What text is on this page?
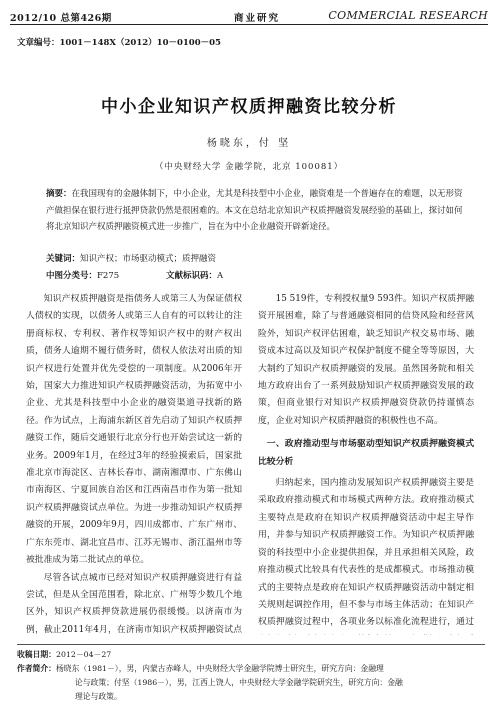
2012/10 总第426期	商业研究	COMMERCIAL RESEARCH
文章编号：1001－148X（2012）10－0100－05
中小企业知识产权质押融资比较分析
杨晓东，付 坚
（中央财经大学 金融学院，北京 100081）
摘要：在我国现有的金融体制下，中小企业，尤其是科技型中小企业，融资难是一个普遍存在的难题，以无形资产做担保在银行进行抵押贷款仍然是很困难的。本文在总结北京知识产权质押融资发展经验的基础上，探讨如何将北京知识产权质押融资模式进一步推广，旨在为中小企业融资开辟新途径。
关键词：知识产权；市场驱动模式；质押融资
中图分类号：F275	文献标识码：A

知识产权质押融资是指债务人或第三人为保证债权人债权的实现，以债务人或第三人自有的可以转让的注册商标权、专利权、著作权等知识产权中的财产权出质，债务人逾期不履行债务时，债权人依法对出质的知识产权进行处置并优先受偿的一项制度。从2006年开始，国家大力推进知识产权质押融资活动，为拓宽中小企业、尤其是科技型中小企业的融资渠道寻找新的路径。作为试点，上海浦东新区首先启动了知识产权质押融资工作，随后交通银行北京分行也开始尝试这一新的业务。2009年1月，在经过3年的经验摸索后，国家批准北京市海淀区、吉林长春市、湖南湘潭市、广东佛山市南海区、宁夏回族自治区和江西南昌市作为第一批知识产权质押融资试点单位。为进一步推动知识产权质押融资的开展，2009年9月，四川成都市、广东广州市、广东东莞市、湖北宜昌市、江苏无锡市、浙江温州市等被批准成为第二批试点的单位。

尽管各试点城市已经对知识产权质押融资进行有益尝试，但是从全国范围看，除北京、广州等少数几个地区外，知识产权质押贷款进展仍很缓慢。以济南市为例，截止2011年4月，在济南市知识产权质押融资试点

15 519件，专利授权量9 593件。知识产权质押融资开展困难，除了与普通融资相同的信贷风险和经营风险外，知识产权评估困难，缺乏知识产权交易市场、融资成本过高以及知识产权保护制度不健全等等原因，大大制约了知识产权质押融资的发展。虽然国务院和相关地方政府出台了一系列鼓励知识产权质押融资发展的政策，但商业银行对知识产权质押融资贷款仍持谨慎态度，企业对知识产权质押融资的积极性也不高。

一、政府推动型与市场驱动型知识产权质押融资模式比较分析

归纳起来，国内推动发展知识产权质押融资主要是采取政府推动模式和市场模式两种方法。政府推动模式主要特点是政府在知识产权质押融资活动中起主导作用，并参与知识产权质押融资工作。为知识产权质押融资的科技型中小企业提供担保，并且承担相关风险，政府推动模式比较具有代表性的是成都模式。市场推动模式的主要特点是政府在知识产权质押融资活动中制定相关规则起调控作用，但不参与市场主体活动；在知识产权质押融资过程中，各项业务以标准化流程进行，通过

收稿日期：2012－04－27
作者简介：杨晓东（1981－），男，内蒙古赤峰人，中央财经大学金融学院博士研究生，研究方向：金融理
论与政策；付坚（1986－），男，江西上饶人，中央财经大学金融学院研究生，研究方向：金融
理论与政策。
